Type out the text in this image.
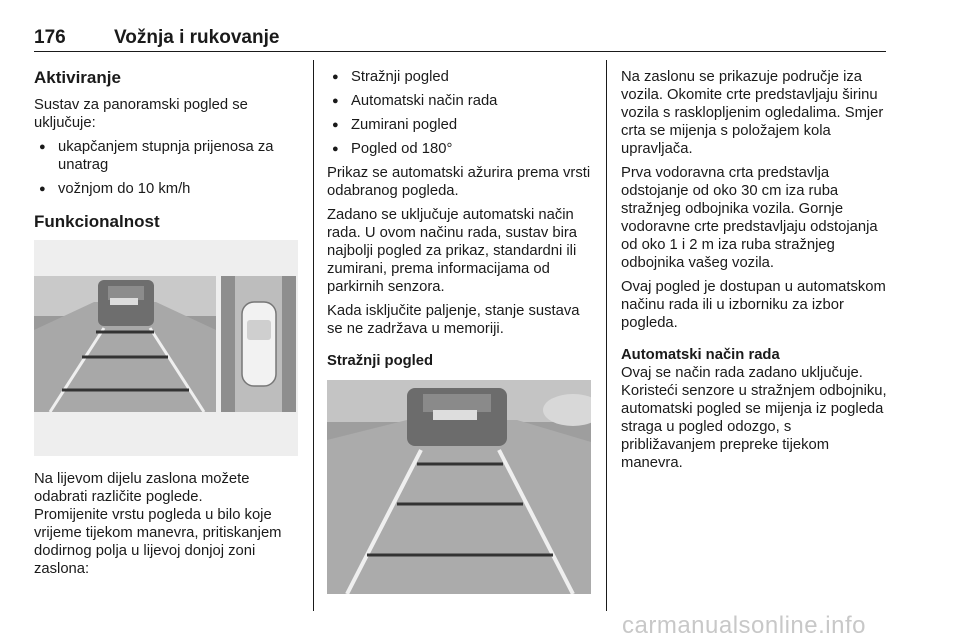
176	Vožnja i rukovanje
Aktiviranje

Sustav za panoramski pogled se uključuje:

● ukapčanjem stupnja prijenosa za unatrag
● vožnjom do 10 km/h
Funkcionalnost

Na lijevom dijelu zaslona možete odabrati različite poglede.

Promijenite vrstu pogleda u bilo koje vrijeme tijekom manevra, pritiskanjem dodirnog polja u lijevoj donjoj zoni zaslona:

● Stražnji pogled
● Automatski način rada
● Zumirani pogled
● Pogled od 180°

Prikaz se automatski ažurira prema vrsti odabranog pogleda.

Zadano se uključuje automatski način rada. U ovom načinu rada, sustav bira najbolji pogled za prikaz, standardni ili zumirani, prema informacijama od parkirnih senzora.

Kada isključite paljenje, stanje sustava se ne zadržava u memoriji.

Stražnji pogled

Na zaslonu se prikazuje područje iza vozila. Okomite crte predstavljaju širinu vozila s rasklopljenim ogledalima. Smjer crta se mijenja s položajem kola upravljača.

Prva vodoravna crta predstavlja odstojanje od oko 30 cm iza ruba stražnjeg odbojnika vozila. Gornje vodoravne crte predstavljaju odstojanja od oko 1 i 2 m iza ruba stražnjeg odbojnika vašeg vozila.

Ovaj pogled je dostupan u automatskom načinu rada ili u izborniku za izbor pogleda.

Automatski način rada

Ovaj se način rada zadano uključuje. Koristeći senzore u stražnjem odbojniku, automatski pogled se mijenja iz pogleda straga u pogled odozgo, s približavanjem prepreke tijekom manevra.

carmanualsonline.info
